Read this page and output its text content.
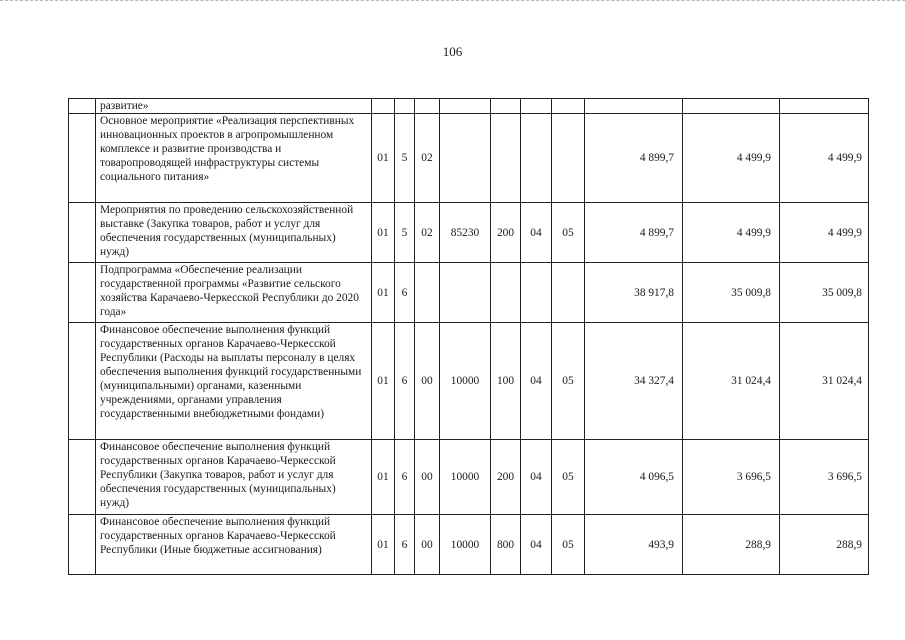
106
	развитие»										
	Основное мероприятие «Реализация перспективных инновационных проектов в агропромышленном комплексе и развитие производства и товаропроводящей инфраструктуры системы социального питания»	01	5	02					4 899,7	4 499,9	4 499,9
	Мероприятия по проведению сельскохозяйственной выставке (Закупка товаров, работ и услуг для обеспечения государственных (муниципальных) нужд)	01	5	02	85230	200	04	05	4 899,7	4 499,9	4 499,9
	Подпрограмма «Обеспечение реализации государственной программы «Развитие сельского хозяйства Карачаево-Черкесской Республики до 2020 года»	01	6						38 917,8	35 009,8	35 009,8
	Финансовое обеспечение выполнения функций государственных органов Карачаево-Черкесской Республики (Расходы на выплаты персоналу в целях обеспечения выполнения функций государственными (муниципальными) органами, казенными учреждениями, органами управления государственными внебюджетными фондами)	01	6	00	10000	100	04	05	34 327,4	31 024,4	31 024,4
	Финансовое обеспечение выполнения функций государственных органов Карачаево-Черкесской Республики (Закупка товаров, работ и услуг для обеспечения государственных (муниципальных) нужд)	01	6	00	10000	200	04	05	4 096,5	3 696,5	3 696,5
	Финансовое обеспечение выполнения функций государственных органов Карачаево-Черкесской Республики (Иные бюджетные ассигнования)	01	6	00	10000	800	04	05	493,9	288,9	288,9
